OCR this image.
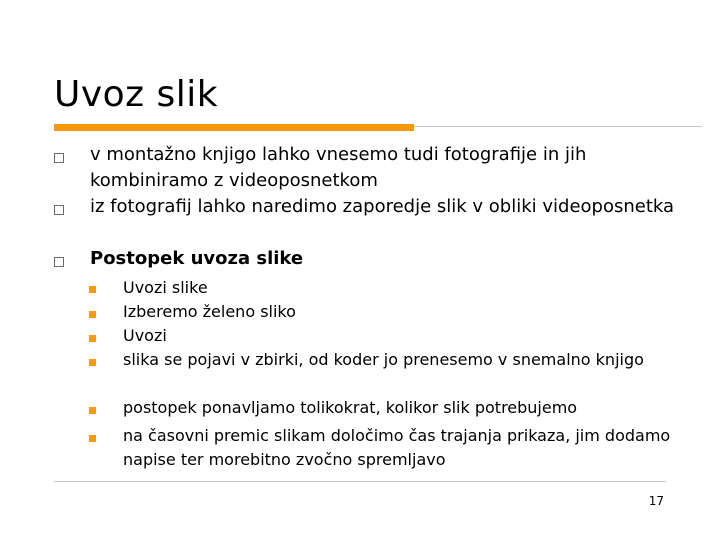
Uvoz slik
v montažno knjigo lahko vnesemo tudi fotografije in jih kombiniramo z videoposnetkom
iz fotografij lahko naredimo zaporedje slik v obliki videoposnetka
Postopek uvoza slike
Uvozi slike
Izberemo želeno sliko
Uvozi
slika se pojavi v zbirki, od koder jo prenesemo v snemalno knjigo
postopek ponavljamo tolikokrat, kolikor slik potrebujemo
na časovni premic slikam določimo čas trajanja prikaza, jim dodamo napise ter morebitno zvočno spremljavo
17
